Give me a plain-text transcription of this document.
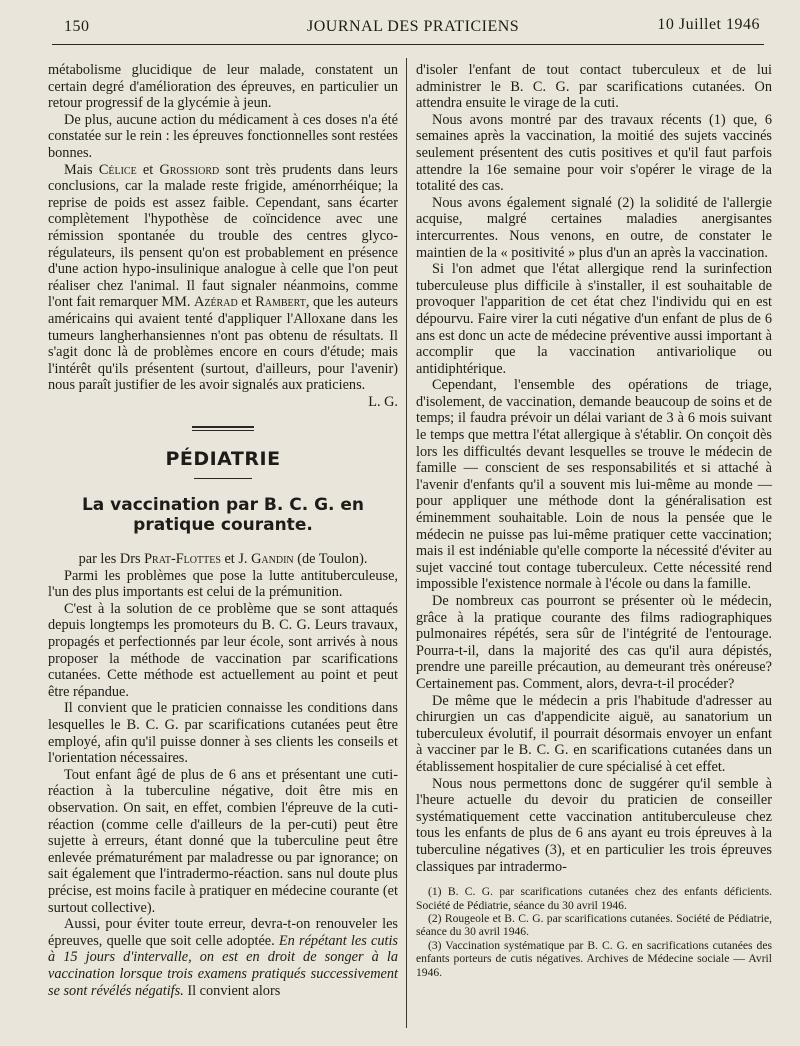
150	JOURNAL DES PRATICIENS	10 Juillet 1946

métabolisme glucidique de leur malade, constatent un certain degré d'amélioration des épreuves, en particulier un retour progressif de la glycémie à jeun.

De plus, aucune action du médicament à ces doses n'a été constatée sur le rein : les épreuves fonctionnelles sont restées bonnes.

Mais Célice et Grossiord sont très prudents dans leurs conclusions, car la malade reste frigide, aménorrhéique; la reprise de poids est assez faible. Cependant, sans écarter complètement l'hypothèse de coïncidence avec une rémission spontanée du trouble des centres glyco-régulateurs, ils pensent qu'on est probablement en présence d'une action hypo-insulinique analogue à celle que l'on peut réaliser chez l'animal. Il faut signaler néanmoins, comme l'ont fait remarquer MM. Azérad et Rambert, que les auteurs américains qui avaient tenté d'appliquer l'Alloxane dans les tumeurs langherhansiennes n'ont pas obtenu de résultats. Il s'agit donc là de problèmes encore en cours d'étude; mais l'intérêt qu'ils présentent (surtout, d'ailleurs, pour l'avenir) nous paraît justifier de les avoir signalés aux praticiens.

L. G.

PÉDIATRIE
La vaccination par B. C. G. en pratique courante.

par les Drs Prat-Flottes et J. Gandin (de Toulon).

Parmi les problèmes que pose la lutte antituberculeuse, l'un des plus importants est celui de la prémunition.

C'est à la solution de ce problème que se sont attaqués depuis longtemps les promoteurs du B. C. G. Leurs travaux, propagés et perfectionnés par leur école, sont arrivés à nous proposer la méthode de vaccination par scarifications cutanées. Cette méthode est actuellement au point et peut être répandue.

Il convient que le praticien connaisse les conditions dans lesquelles le B. C. G. par scarifications cutanées peut être employé, afin qu'il puisse donner à ses clients les conseils et l'orientation nécessaires.

Tout enfant âgé de plus de 6 ans et présentant une cuti-réaction à la tuberculine négative, doit être mis en observation. On sait, en effet, combien l'épreuve de la cuti-réaction (comme celle d'ailleurs de la per-cuti) peut être sujette à erreurs, étant donné que la tuberculine peut être enlevée prématurément par maladresse ou par ignorance; on sait également que l'intradermo-réaction. sans nul doute plus précise, est moins facile à pratiquer en médecine courante (et surtout collective).

Aussi, pour éviter toute erreur, devra-t-on renouveler les épreuves, quelle que soit celle adoptée. En répétant les cutis à 15 jours d'intervalle, on est en droit de songer à la vaccination lorsque trois examens pratiqués successivement se sont révélés négatifs. Il convient alors

d'isoler l'enfant de tout contact tuberculeux et de lui administrer le B. C. G. par scarifications cutanées. On attendra ensuite le virage de la cuti.

Nous avons montré par des travaux récents (1) que, 6 semaines après la vaccination, la moitié des sujets vaccinés seulement présentent des cutis positives et qu'il faut parfois attendre la 16e semaine pour voir s'opérer le virage de la totalité des cas.

Nous avons également signalé (2) la solidité de l'allergie acquise, malgré certaines maladies anergisantes intercurrentes. Nous venons, en outre, de constater le maintien de la « positivité » plus d'un an après la vaccination.

Si l'on admet que l'état allergique rend la surinfection tuberculeuse plus difficile à s'installer, il est souhaitable de provoquer l'apparition de cet état chez l'individu qui en est dépourvu. Faire virer la cuti négative d'un enfant de plus de 6 ans est donc un acte de médecine préventive aussi important à accomplir que la vaccination antivariolique ou antidiphtérique.

Cependant, l'ensemble des opérations de triage, d'isolement, de vaccination, demande beaucoup de soins et de temps; il faudra prévoir un délai variant de 3 à 6 mois suivant le temps que mettra l'état allergique à s'établir. On conçoit dès lors les difficultés devant lesquelles se trouve le médecin de famille — conscient de ses responsabilités et si attaché à l'avenir d'enfants qu'il a souvent mis lui-même au monde — pour appliquer une méthode dont la généralisation est éminemment souhaitable. Loin de nous la pensée que le médecin ne puisse pas lui-même pratiquer cette vaccination; mais il est indéniable qu'elle comporte la nécessité d'éviter au sujet vacciné tout contage tuberculeux. Cette nécessité rend impossible l'existence normale à l'école ou dans la famille.

De nombreux cas pourront se présenter où le médecin, grâce à la pratique courante des films radiographiques pulmonaires répétés, sera sûr de l'intégrité de l'entourage. Pourra-t-il, dans la majorité des cas qu'il aura dépistés, prendre une pareille précaution, au demeurant très onéreuse? Certainement pas. Comment, alors, devra-t-il procéder?

De même que le médecin a pris l'habitude d'adresser au chirurgien un cas d'appendicite aiguë, au sanatorium un tuberculeux évolutif, il pourrait désormais envoyer un enfant à vacciner par le B. C. G. en scarifications cutanées dans un établissement hospitalier de cure spécialisé à cet effet.

Nous nous permettons donc de suggérer qu'il semble à l'heure actuelle du devoir du praticien de conseiller systématiquement cette vaccination antituberculeuse chez tous les enfants de plus de 6 ans ayant eu trois épreuves à la tuberculine négatives (3), et en particulier les trois épreuves classiques par intradermo-

(1) B. C. G. par scarifications cutanées chez des enfants déficients. Société de Pédiatrie, séance du 30 avril 1946.

(2) Rougeole et B. C. G. par scarifications cutanées. Société de Pédiatrie, séance du 30 avril 1946.

(3) Vaccination systématique par B. C. G. en sacrifications cutanées des enfants porteurs de cutis négatives. Archives de Médecine sociale — Avril 1946.
